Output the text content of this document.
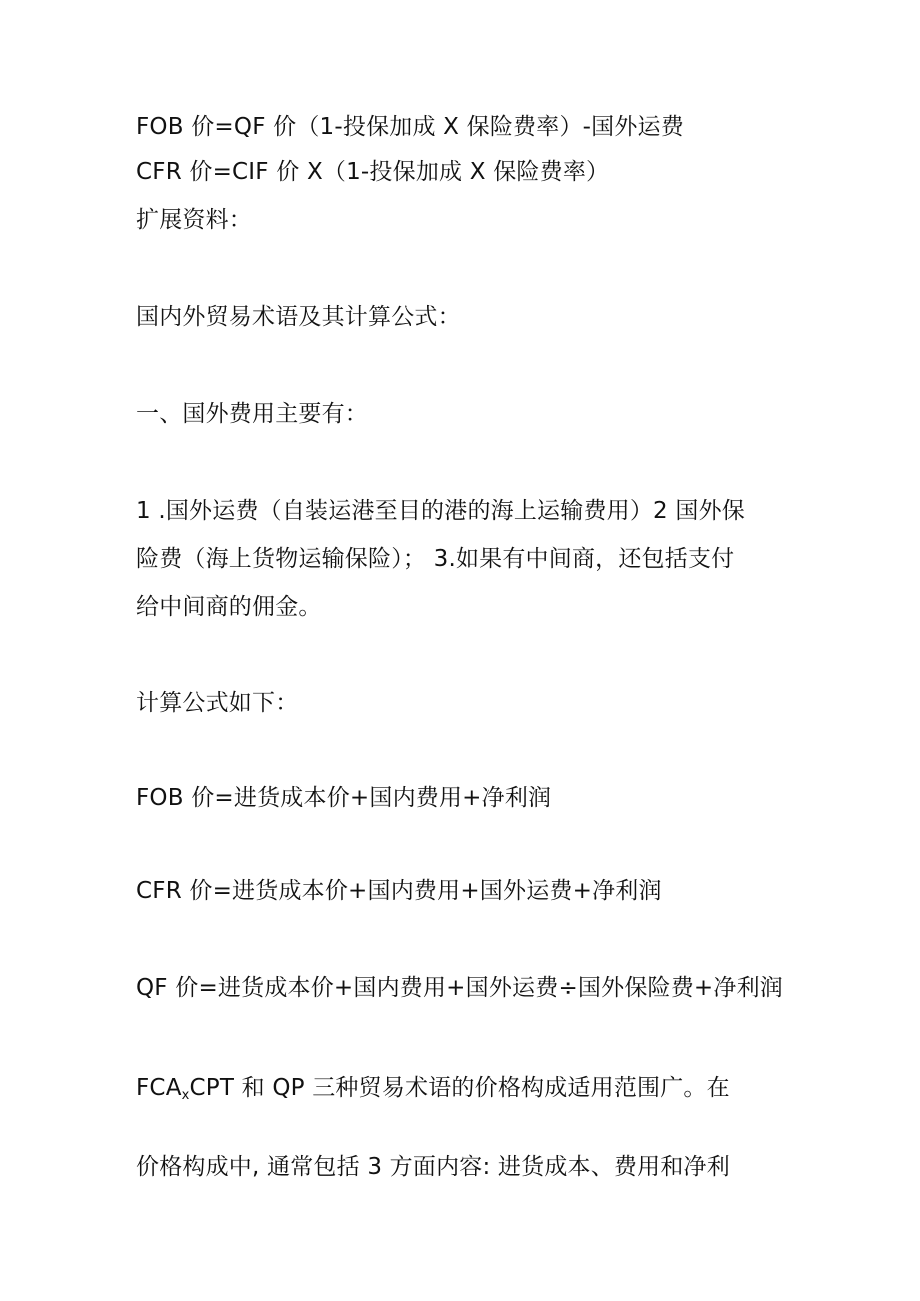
FOB 价=QF 价（1-投保加成 X 保险费率）-国外运费
CFR 价=CIF 价 X（1-投保加成 X 保险费率）
扩展资料：
国内外贸易术语及其计算公式：
一、国外费用主要有：
1 .国外运费（自装运港至目的港的海上运输费用）2 国外保
险费（海上货物运输保险）； 3.如果有中间商，还包括支付
给中间商的佣金。
计算公式如下：
FOB 价=进货成本价+国内费用+净利润
CFR 价=进货成本价+国内费用+国外运费+净利润
QF 价=进货成本价+国内费用+国外运费÷国外保险费+净利润
$FCA_xCPT$ 和 QP 三种贸易术语的价格构成适用范围广。在
价格构成中, 通常包括 3 方面内容: 进货成本、费用和净利
